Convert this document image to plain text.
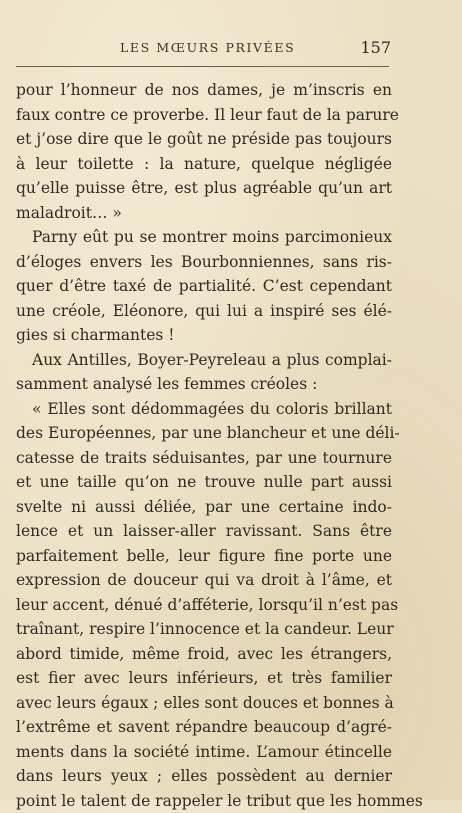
LES MŒURS PRIVÉES	157
pour l’honneur de nos dames, je m’inscris en
faux contre ce proverbe. Il leur faut de la parure
et j’ose dire que le goût ne préside pas toujours
à leur toilette : la nature, quelque négligée
qu’elle puisse être, est plus agréable qu’un art
maladroit… »
Parny eût pu se montrer moins parcimonieux
d’éloges envers les Bourbonniennes, sans ris-
quer d’être taxé de partialité. C’est cependant
une créole, Eléonore, qui lui a inspiré ses élé-
gies si charmantes !
Aux Antilles, Boyer-Peyreleau a plus complai-
samment analysé les femmes créoles :
« Elles sont dédommagées du coloris brillant
des Européennes, par une blancheur et une déli-
catesse de traits séduisantes, par une tournure
et une taille qu’on ne trouve nulle part aussi
svelte ni aussi déliée, par une certaine indo-
lence et un laisser-aller ravissant. Sans être
parfaitement belle, leur figure fine porte une
expression de douceur qui va droit à l’âme, et
leur accent, dénué d’afféterie, lorsqu’il n’est pas
traînant, respire l’innocence et la candeur. Leur
abord timide, même froid, avec les étrangers,
est fier avec leurs inférieurs, et très familier
avec leurs égaux ; elles sont douces et bonnes à
l’extrême et savent répandre beaucoup d’agré-
ments dans la société intime. L’amour étincelle
dans leurs yeux ; elles possèdent au dernier
point le talent de rappeler le tribut que les hommes
